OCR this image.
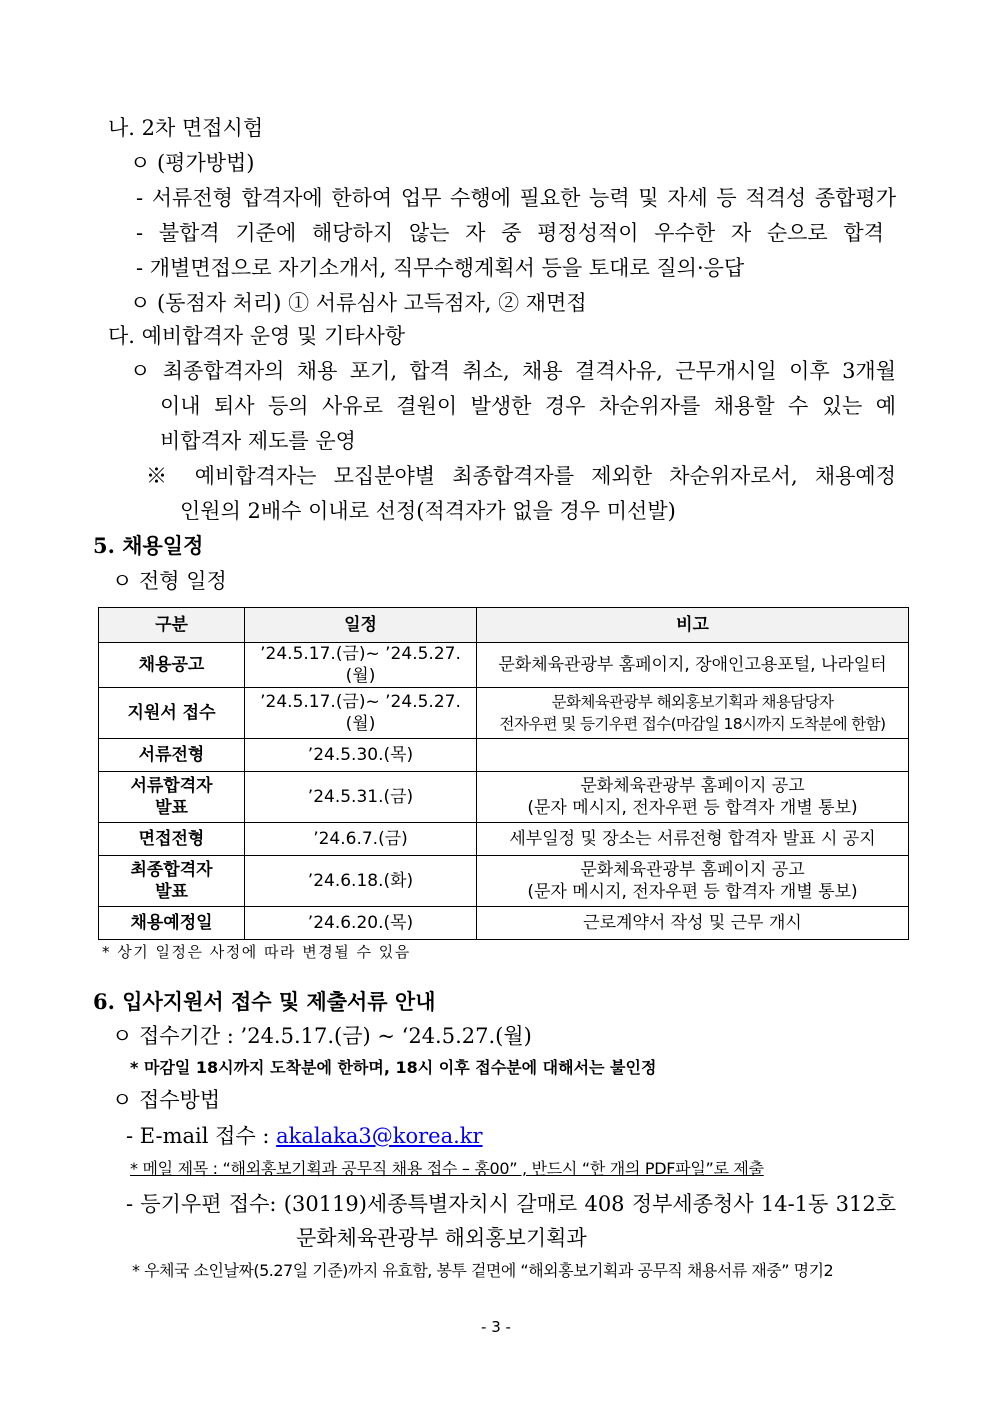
나. 2차 면접시험
ㅇ (평가방법)
- 서류전형 합격자에 한하여 업무 수행에 필요한 능력 및 자세 등 적격성 종합평가
- 불합격 기준에 해당하지 않는 자 중 평정성적이 우수한 자 순으로 합격
- 개별면접으로 자기소개서, 직무수행계획서 등을 토대로 질의·응답
ㅇ (동점자 처리) ① 서류심사 고득점자, ② 재면접
다. 예비합격자 운영 및 기타사항
ㅇ 최종합격자의 채용 포기, 합격 취소, 채용 결격사유, 근무개시일 이후 3개월
이내 퇴사 등의 사유로 결원이 발생한 경우 차순위자를 채용할 수 있는 예
비합격자 제도를 운영
※ 예비합격자는 모집분야별 최종합격자를 제외한 차순위자로서, 채용예정
인원의 2배수 이내로 선정(적격자가 없을 경우 미선발)
5. 채용일정
ㅇ 전형 일정
구분	일정	비고
채용공고	’24.5.17.(금)~ ’24.5.27.(월)	문화체육관광부 홈페이지, 장애인고용포털, 나라일터
지원서 접수	’24.5.17.(금)~ ’24.5.27.(월)	문화체육관광부 해외홍보기획과 채용담당자
전자우편 및 등기우편 접수(마감일 18시까지 도착분에 한함)
서류전형	’24.5.30.(목)	
서류합격자
발표	’24.5.31.(금)	문화체육관광부 홈페이지 공고
(문자 메시지, 전자우편 등 합격자 개별 통보)
면접전형	’24.6.7.(금)	세부일정 및 장소는 서류전형 합격자 발표 시 공지
최종합격자
발표	’24.6.18.(화)	문화체육관광부 홈페이지 공고
(문자 메시지, 전자우편 등 합격자 개별 통보)
채용예정일	’24.6.20.(목)	근로계약서 작성 및 근무 개시
* 상기 일정은 사정에 따라 변경될 수 있음
6. 입사지원서 접수 및 제출서류 안내
ㅇ 접수기간 : ’24.5.17.(금) ~ ‘24.5.27.(월)
* 마감일 18시까지 도착분에 한하며, 18시 이후 접수분에 대해서는 불인정
ㅇ 접수방법
- E-mail 접수 : akalaka3@korea.kr
* 메일 제목 : “해외홍보기획과 공무직 채용 접수 – 홍00” , 반드시 “한 개의 PDF파일”로 제출
- 등기우편 접수: (30119)세종특별자치시 갈매로 408 정부세종청사 14-1동 312호
문화체육관광부 해외홍보기획과
* 우체국 소인날짜(5.27일 기준)까지 유효함, 봉투 겉면에 “해외홍보기획과 공무직 채용서류 재중” 명기2
- 3 -
